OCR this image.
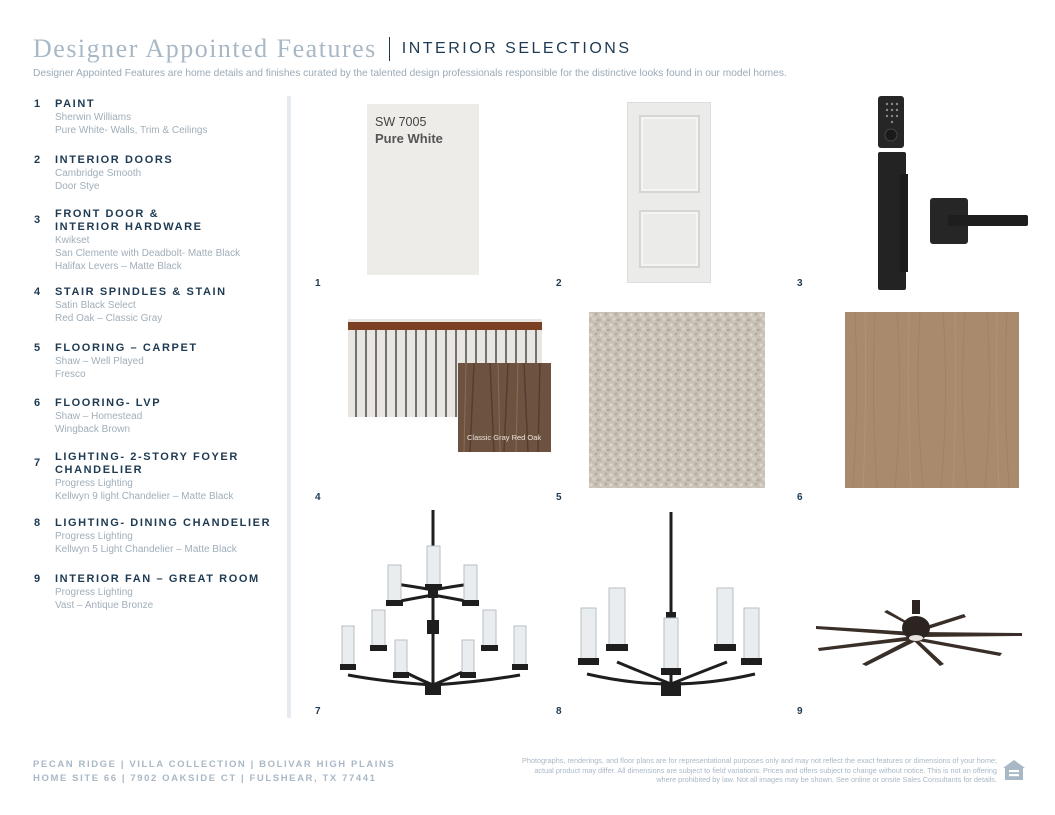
Designer Appointed Features INTERIOR SELECTIONS
Designer Appointed Features are home details and finishes curated by the talented design professionals responsible for the distinctive looks found in our model homes.
1 PAINT
Sherwin Williams
Pure White- Walls, Trim & Ceilings
2 INTERIOR DOORS
Cambridge Smooth
Door Stye
3 FRONT DOOR & INTERIOR HARDWARE
Kwikset
San Clemente with Deadbolt- Matte Black
Halifax Levers – Matte Black
4 STAIR SPINDLES & STAIN
Satin Black Select
Red Oak – Classic Gray
5 FLOORING – CARPET
Shaw – Well Played
Fresco
6 FLOORING- LVP
Shaw – Homestead
Wingback Brown
7 LIGHTING- 2-STORY FOYER CHANDELIER
Progress Lighting
Kellwyn 9 light Chandelier – Matte Black
8 LIGHTING- DINING CHANDELIER
Progress Lighting
Kellwyn 5 Light Chandelier – Matte Black
9 INTERIOR FAN – GREAT ROOM
Progress Lighting
Vast – Antique Bronze
SW 7005
Pure White
Classic Gray Red Oak
1	2	3
4	5	6
7	8	9
PECAN RIDGE | VILLA COLLECTION | BOLIVAR HIGH PLAINS
HOME SITE 66 | 7902 OAKSIDE CT | FULSHEAR, TX 77441
Photographs, renderings, and floor plans are for representational purposes only and may not reflect the exact features or dimensions of your home; actual product may differ. All dimensions are subject to field variations. Prices and offers subject to change without notice. This is not an offering where prohibited by law. Not all images may be shown. See online or onsite Sales Consultants for details.
